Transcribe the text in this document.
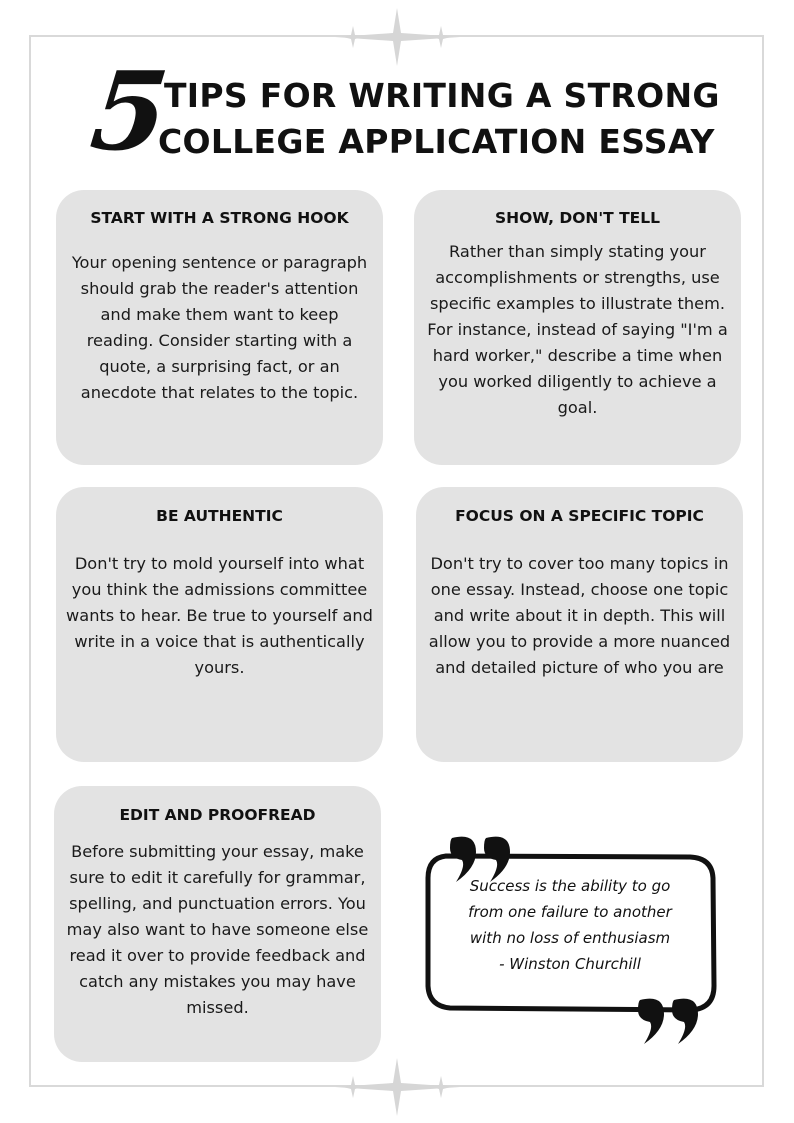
5
TIPS FOR WRITING A STRONG
COLLEGE APPLICATION ESSAY
START WITH A STRONG HOOK

Your opening sentence or paragraph should grab the reader's attention and make them want to keep reading. Consider starting with a quote, a surprising fact, or an anecdote that relates to the topic.

SHOW, DON'T TELL

Rather than simply stating your accomplishments or strengths, use specific examples to illustrate them. For instance, instead of saying "I'm a hard worker," describe a time when you worked diligently to achieve a goal.

BE AUTHENTIC

Don't try to mold yourself into what you think the admissions committee wants to hear. Be true to yourself and write in a voice that is authentically yours.

FOCUS ON A SPECIFIC TOPIC

Don't try to cover too many topics in one essay. Instead, choose one topic and write about it in depth. This will allow you to provide a more nuanced and detailed picture of who you are

EDIT AND PROOFREAD

Before submitting your essay, make sure to edit it carefully for grammar, spelling, and punctuation errors. You may also want to have someone else read it over to provide feedback and catch any mistakes you may have missed.

Success is the ability to go from one failure to another with no loss of enthusiasm
- Winston Churchill
